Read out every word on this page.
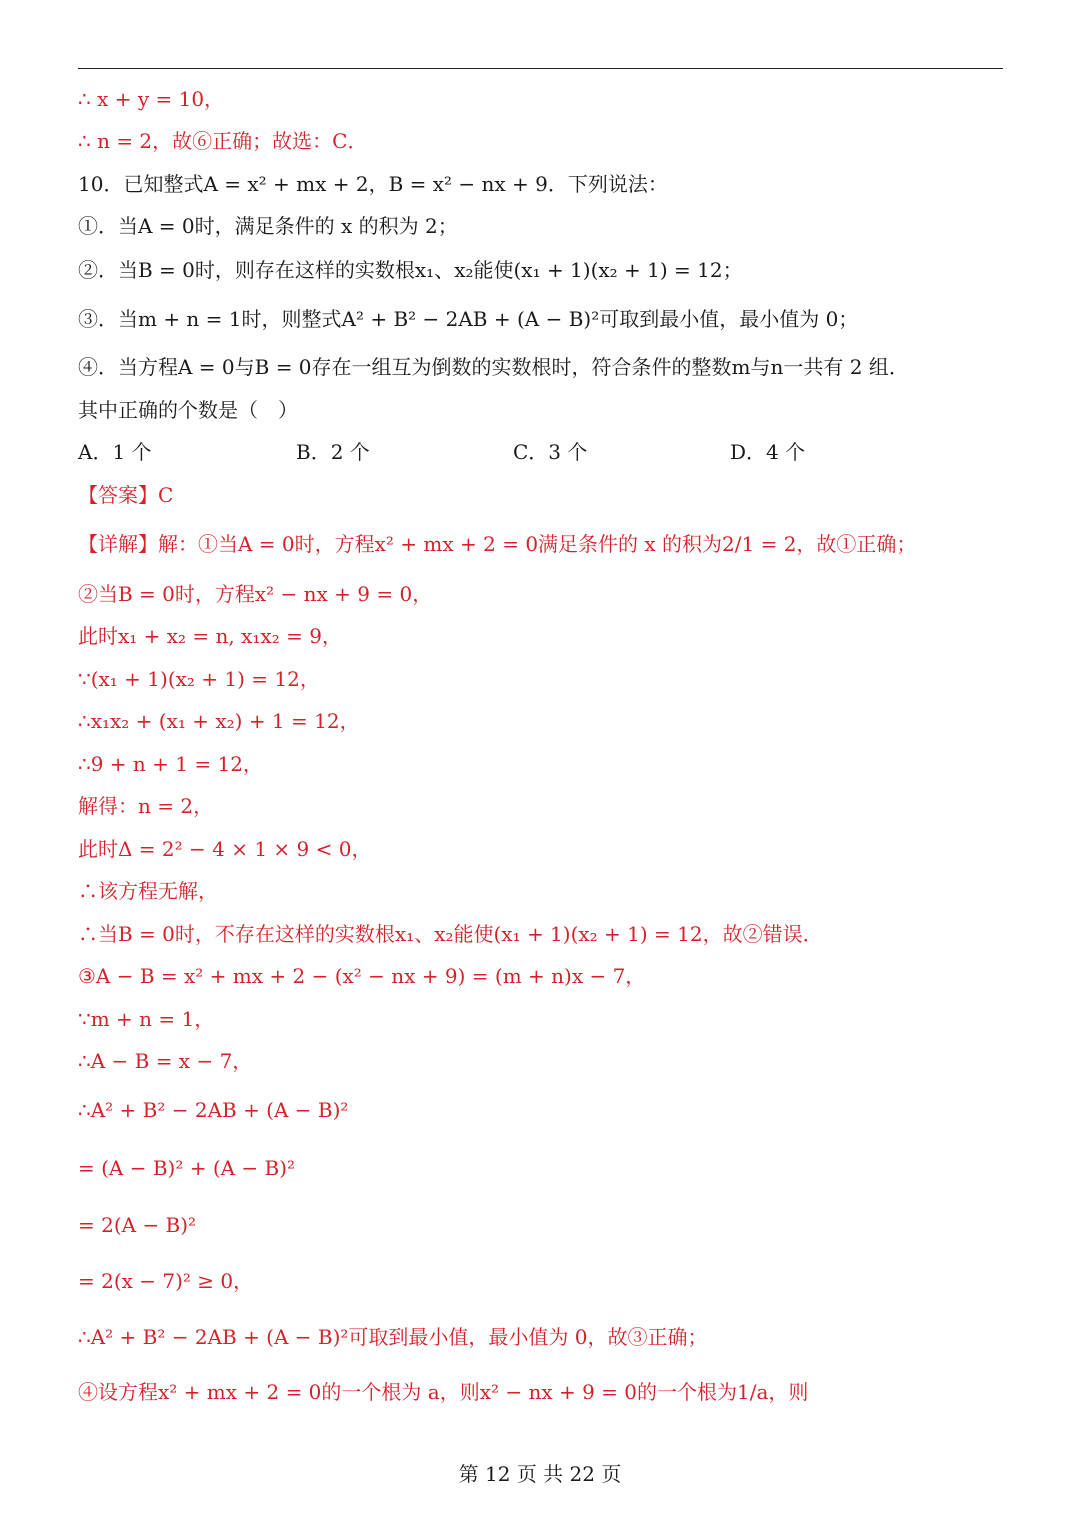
∴ x + y = 10，
∴ n = 2，故⑥正确；故选：C．
10．已知整式A = x² + mx + 2，B = x² − nx + 9．下列说法：
①．当A = 0时，满足条件的 x 的积为 2；
②．当B = 0时，则存在这样的实数根x₁、x₂能使(x₁ + 1)(x₂ + 1) = 12；
③．当m + n = 1时，则整式A² + B² − 2AB + (A − B)²可取到最小值，最小值为 0；
④．当方程A = 0与B = 0存在一组互为倒数的实数根时，符合条件的整数m与n一共有 2 组．
其中正确的个数是（　）
A．1 个	B．2 个	C．3 个	D．4 个
【答案】C
【详解】解：①当A = 0时，方程x² + mx + 2 = 0满足条件的 x 的积为2/1 = 2，故①正确；
②当B = 0时，方程x² − nx + 9 = 0，
此时x₁ + x₂ = n, x₁x₂ = 9，
∵(x₁ + 1)(x₂ + 1) = 12，
∴x₁x₂ + (x₁ + x₂) + 1 = 12，
∴9 + n + 1 = 12，
解得：n = 2，
此时Δ = 2² − 4 × 1 × 9 < 0，
∴该方程无解，
∴当B = 0时，不存在这样的实数根x₁、x₂能使(x₁ + 1)(x₂ + 1) = 12，故②错误．
③A − B = x² + mx + 2 − (x² − nx + 9) = (m + n)x − 7，
∵m + n = 1，
∴A − B = x − 7，
∴A² + B² − 2AB + (A − B)²
= (A − B)² + (A − B)²
= 2(A − B)²
= 2(x − 7)² ≥ 0，
∴A² + B² − 2AB + (A − B)²可取到最小值，最小值为 0，故③正确；
④设方程x² + mx + 2 = 0的一个根为 a，则x² − nx + 9 = 0的一个根为1/a，则
第 12 页 共 22 页
